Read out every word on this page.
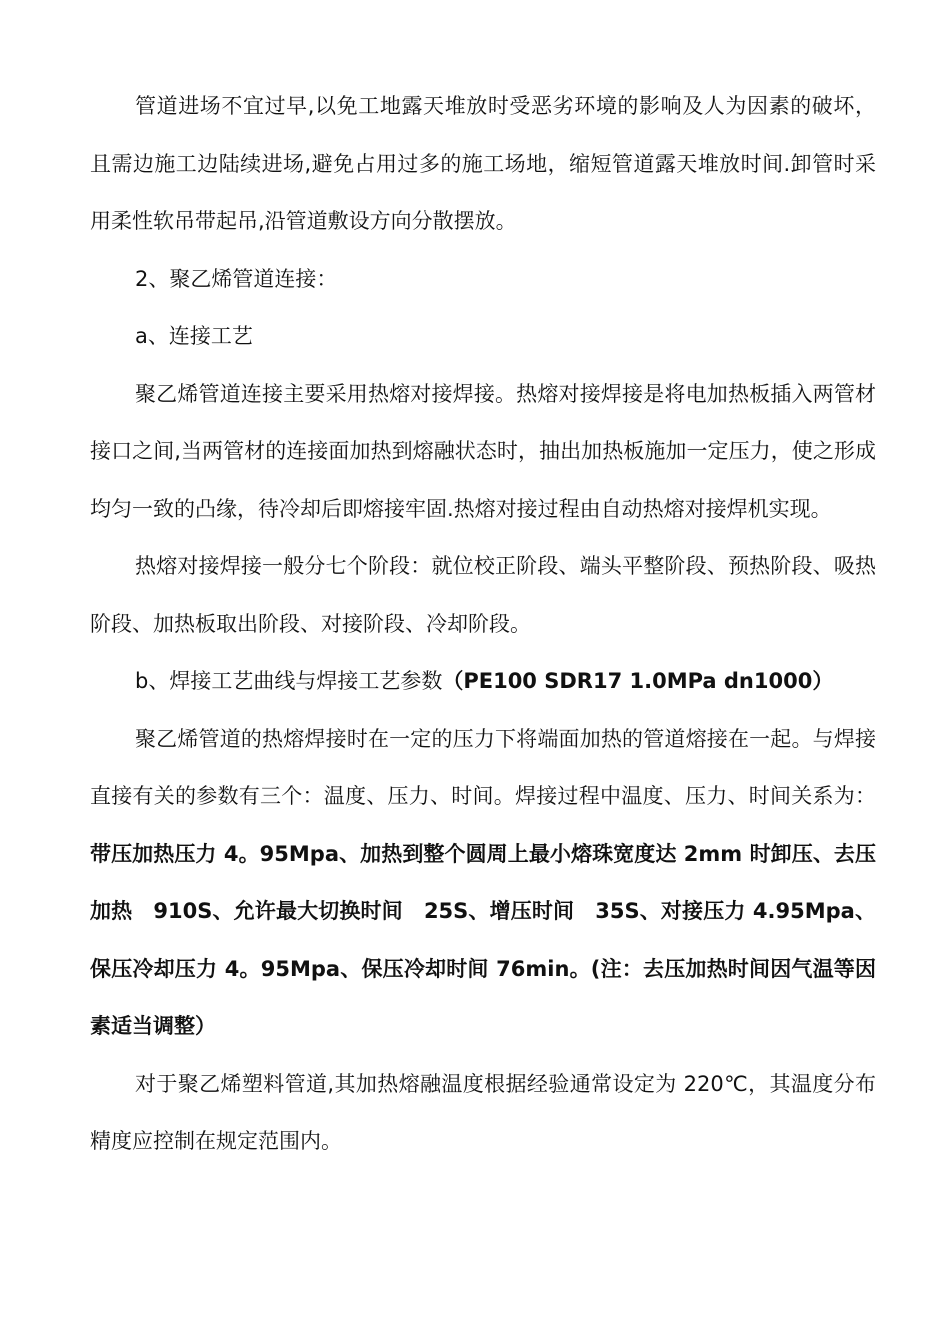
管道进场不宜过早,以免工地露天堆放时受恶劣环境的影响及人为因素的破坏，且需边施工边陆续进场,避免占用过多的施工场地，缩短管道露天堆放时间.卸管时采用柔性软吊带起吊,沿管道敷设方向分散摆放。

2、聚乙烯管道连接：

a、连接工艺

聚乙烯管道连接主要采用热熔对接焊接。热熔对接焊接是将电加热板插入两管材接口之间,当两管材的连接面加热到熔融状态时，抽出加热板施加一定压力，使之形成均匀一致的凸缘，待冷却后即熔接牢固.热熔对接过程由自动热熔对接焊机实现。

热熔对接焊接一般分七个阶段：就位校正阶段、端头平整阶段、预热阶段、吸热阶段、加热板取出阶段、对接阶段、冷却阶段。

b、焊接工艺曲线与焊接工艺参数（PE100 SDR17 1.0MPa dn1000）

聚乙烯管道的热熔焊接时在一定的压力下将端面加热的管道熔接在一起。与焊接直接有关的参数有三个：温度、压力、时间。焊接过程中温度、压力、时间关系为：带压加热压力 4。95Mpa、加热到整个圆周上最小熔珠宽度达 2mm 时卸压、去压加热　910S、允许最大切换时间　25S、增压时间　35S、对接压力 4.95Mpa、保压冷却压力 4。95Mpa、保压冷却时间 76min。(注：去压加热时间因气温等因素适当调整）

对于聚乙烯塑料管道,其加热熔融温度根据经验通常设定为 220℃，其温度分布精度应控制在规定范围内。
